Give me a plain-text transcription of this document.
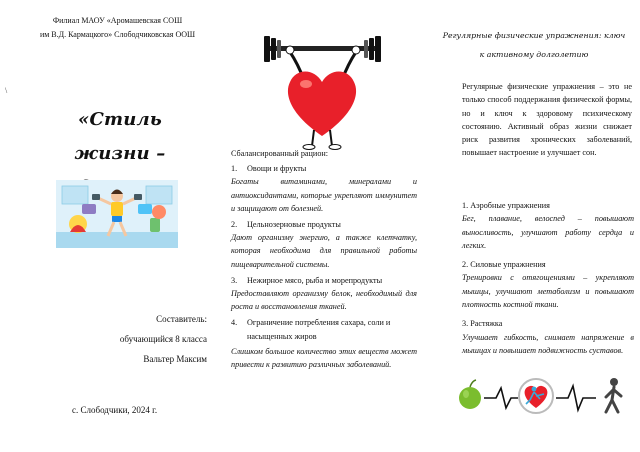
Филиал МАОУ «Аромашевская СОШ
им В.Д. Кармацкого» Слободчиковская ООШ
\
«Стиль жизни –
Составитель:
обучающийся 8 класса
Вальтер Максим
с. Слободчики, 2024 г.
Сбалансированный рацион:
1. Овощи и фрукты
Богаты витаминами, минералами и антиоксидантами, которые укрепляют иммунитет и защищают от болезней.
2. Цельнозерновые продукты
Дают организму энергию, а также клетчатку, которая необходима для правильной работы пищеварительной системы.
3. Нежирное мясо, рыба и морепродукты
Предоставляют организму белок, необходимый для роста и восстановления тканей.
4. Ограничение потребления сахара, соли и насыщенных жиров
Слишком большое количество этих веществ может привести к развитию различных заболеваний.
Регулярные физические упражнения: ключ
к активному долголетию
Регулярные физические упражнения – это не только способ поддержания физической формы, но и ключ к здоровому психическому состоянию. Активный образ жизни снижает риск развития хронических заболеваний, повышает настроение и улучшает сон.
1. Аэробные упражнения
Бег, плавание, велоспед – повышают выносливость, улучшают работу сердца и легких.
2. Силовые упражнения
Тренировки с отягощениями – укрепляют мышцы, улучшают метаболизм и повышают плотность костной ткани.
3. Растяжка
Улучшает гибкость, снимает напряжение в мышцах и повышает подвижность суставов.
